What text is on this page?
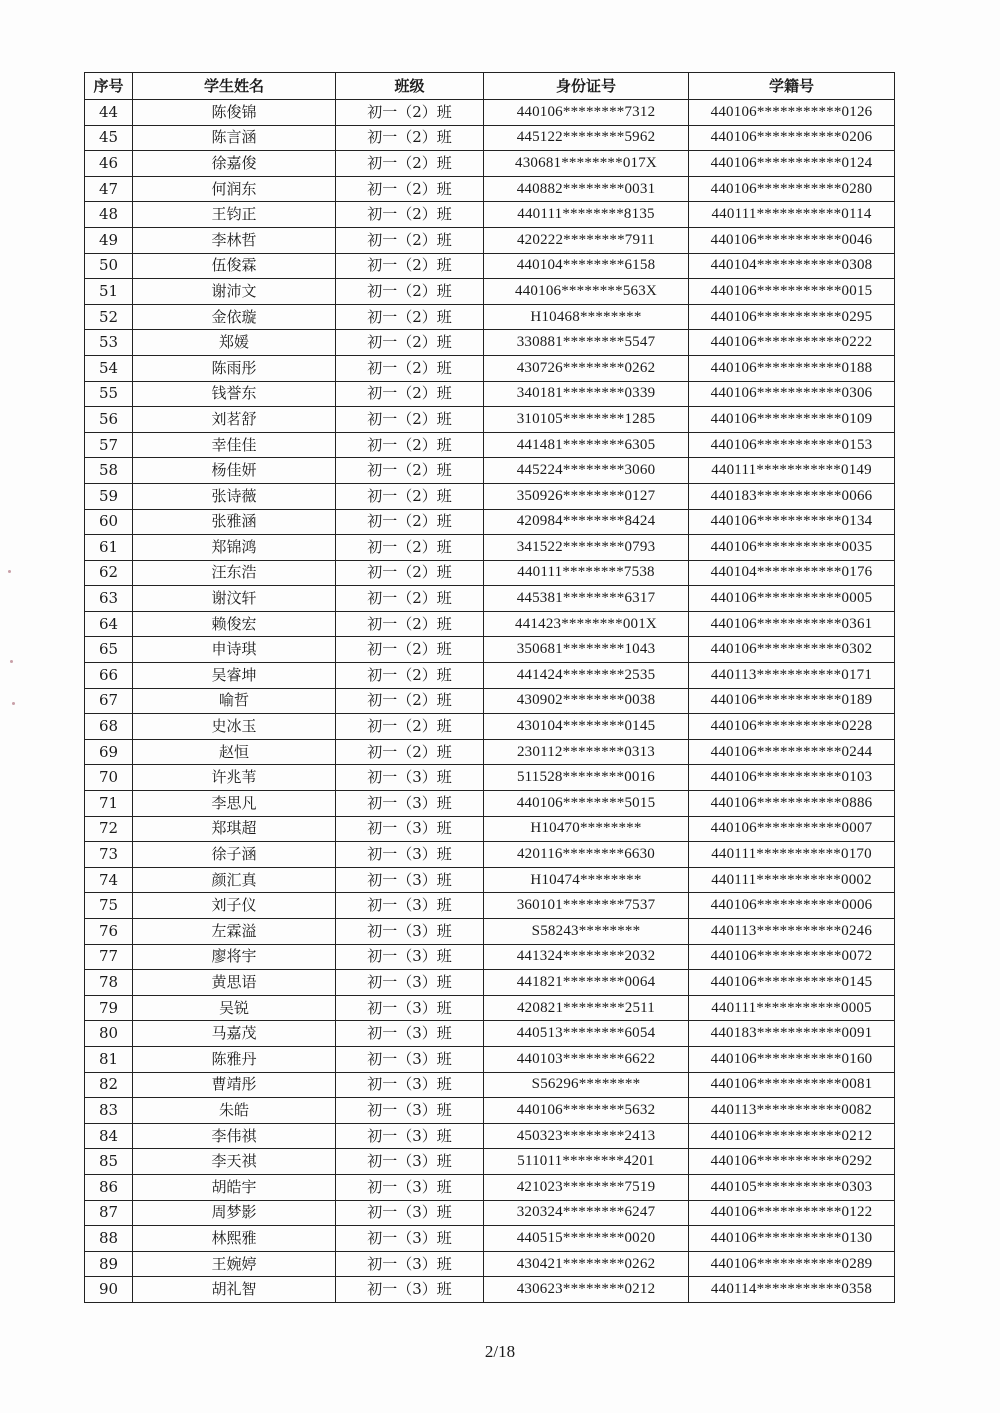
序号	学生姓名	班级	身份证号	学籍号
44	陈俊锦	初一（2）班	440106********7312	440106***********0126
45	陈言涵	初一（2）班	445122********5962	440106***********0206
46	徐嘉俊	初一（2）班	430681********017X	440106***********0124
47	何润东	初一（2）班	440882********0031	440106***********0280
48	王钧正	初一（2）班	440111********8135	440111***********0114
49	李林哲	初一（2）班	420222********7911	440106***********0046
50	伍俊霖	初一（2）班	440104********6158	440104***********0308
51	谢沛文	初一（2）班	440106********563X	440106***********0015
52	金依璇	初一（2）班	H10468********	440106***********0295
53	郑媛	初一（2）班	330881********5547	440106***********0222
54	陈雨彤	初一（2）班	430726********0262	440106***********0188
55	钱誉东	初一（2）班	340181********0339	440106***********0306
56	刘茗舒	初一（2）班	310105********1285	440106***********0109
57	幸佳佳	初一（2）班	441481********6305	440106***********0153
58	杨佳妍	初一（2）班	445224********3060	440111***********0149
59	张诗薇	初一（2）班	350926********0127	440183***********0066
60	张雅涵	初一（2）班	420984********8424	440106***********0134
61	郑锦鸿	初一（2）班	341522********0793	440106***********0035
62	汪东浩	初一（2）班	440111********7538	440104***********0176
63	谢汶轩	初一（2）班	445381********6317	440106***********0005
64	赖俊宏	初一（2）班	441423********001X	440106***********0361
65	申诗琪	初一（2）班	350681********1043	440106***********0302
66	吴睿坤	初一（2）班	441424********2535	440113***********0171
67	喻哲	初一（2）班	430902********0038	440106***********0189
68	史冰玉	初一（2）班	430104********0145	440106***********0228
69	赵恒	初一（2）班	230112********0313	440106***********0244
70	许兆苇	初一（3）班	511528********0016	440106***********0103
71	李思凡	初一（3）班	440106********5015	440106***********0886
72	郑琪超	初一（3）班	H10470********	440106***********0007
73	徐子涵	初一（3）班	420116********6630	440111***********0170
74	颜汇真	初一（3）班	H10474********	440111***********0002
75	刘子仪	初一（3）班	360101********7537	440106***********0006
76	左霖溢	初一（3）班	S58243********	440113***********0246
77	廖将宇	初一（3）班	441324********2032	440106***********0072
78	黄思语	初一（3）班	441821********0064	440106***********0145
79	吴锐	初一（3）班	420821********2511	440111***********0005
80	马嘉茂	初一（3）班	440513********6054	440183***********0091
81	陈雅丹	初一（3）班	440103********6622	440106***********0160
82	曹靖彤	初一（3）班	S56296********	440106***********0081
83	朱皓	初一（3）班	440106********5632	440113***********0082
84	李伟祺	初一（3）班	450323********2413	440106***********0212
85	李天祺	初一（3）班	511011********4201	440106***********0292
86	胡皓宇	初一（3）班	421023********7519	440105***********0303
87	周梦影	初一（3）班	320324********6247	440106***********0122
88	林熙雅	初一（3）班	440515********0020	440106***********0130
89	王婉婷	初一（3）班	430421********0262	440106***********0289
90	胡礼智	初一（3）班	430623********0212	440114***********0358
2/18
